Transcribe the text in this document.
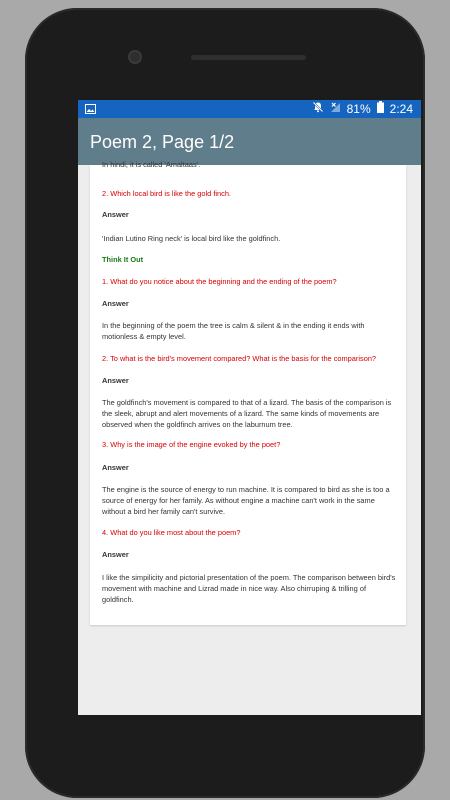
81% 2:24
Poem 2, Page 1/2
In hindi, it is called 'Amaltaas'.
2. Which local bird is like the gold finch.
Answer
'Indian Lutino Ring neck' is local bird like the goldfinch.
Think It Out
1. What do you notice about the beginning and the ending of the poem?
Answer
In the beginning of the poem the tree is calm & silent & in the ending it ends with motionless & empty level.
2. To what is the bird's movement compared? What is the basis for the comparison?
Answer
The goldfinch's movement is compared to that of a lizard. The basis of the comparison is the sleek, abrupt and alert movements of a lizard. The same kinds of movements are observed when the goldfinch arrives on the laburnum tree.
3. Why is the image of the engine evoked by the poet?
Answer
The engine is the source of energy to run machine. It is compared to bird as she is too a source of energy for her family. As without engine a machine can't work in the same without a bird her family can't survive.
4. What do you like most about the poem?
Answer
I like the simpilicity and pictorial presentation of the poem. The comparison between bird's movement with machine and Lizrad made in nice way. Also chirruping & trilling of goldfinch.
